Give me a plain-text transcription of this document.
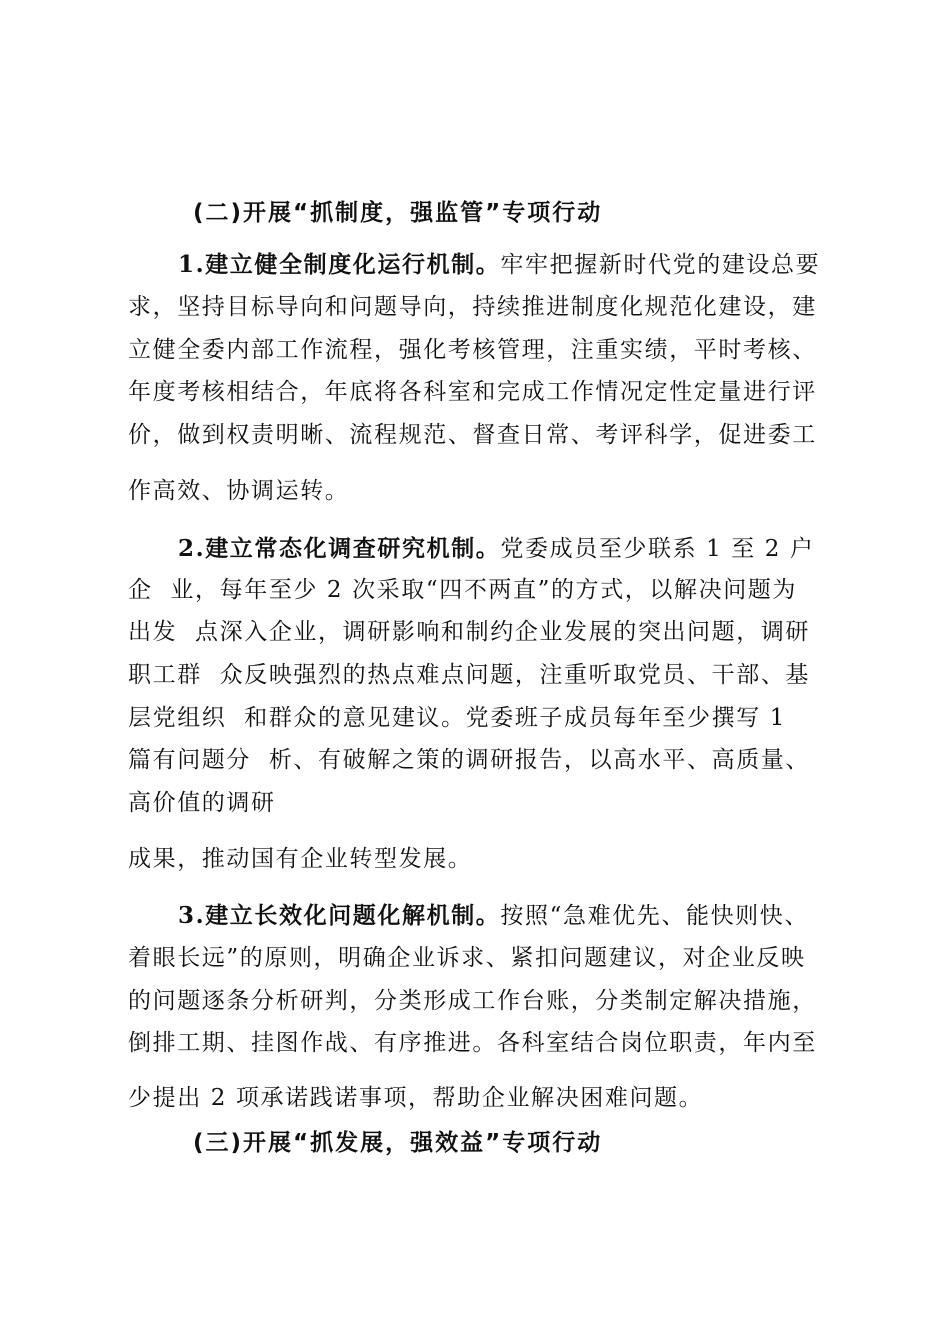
(二)开展“抓制度，强监管”专项行动
1.建立健全制度化运行机制。牢牢把握新时代党的建设总要
求，坚持目标导向和问题导向，持续推进制度化规范化建设，建
立健全委内部工作流程，强化考核管理，注重实绩，平时考核、
年度考核相结合，年底将各科室和完成工作情况定性定量进行评
价，做到权责明晰、流程规范、督查日常、考评科学，促进委工
作高效、协调运转。
2.建立常态化调查研究机制。党委成员至少联系 1 至 2 户
企  业，每年至少 2 次采取“四不两直”的方式，以解决问题为
出发  点深入企业，调研影响和制约企业发展的突出问题，调研
职工群  众反映强烈的热点难点问题，注重听取党员、干部、基
层党组织  和群众的意见建议。党委班子成员每年至少撰写 1
篇有问题分  析、有破解之策的调研报告，以高水平、高质量、
高价值的调研
成果，推动国有企业转型发展。
3.建立长效化问题化解机制。按照“急难优先、能快则快、
着眼长远”的原则，明确企业诉求、紧扣问题建议，对企业反映
的问题逐条分析研判，分类形成工作台账，分类制定解决措施，
倒排工期、挂图作战、有序推进。各科室结合岗位职责，年内至
少提出 2 项承诺践诺事项，帮助企业解决困难问题。
(三)开展“抓发展，强效益”专项行动
